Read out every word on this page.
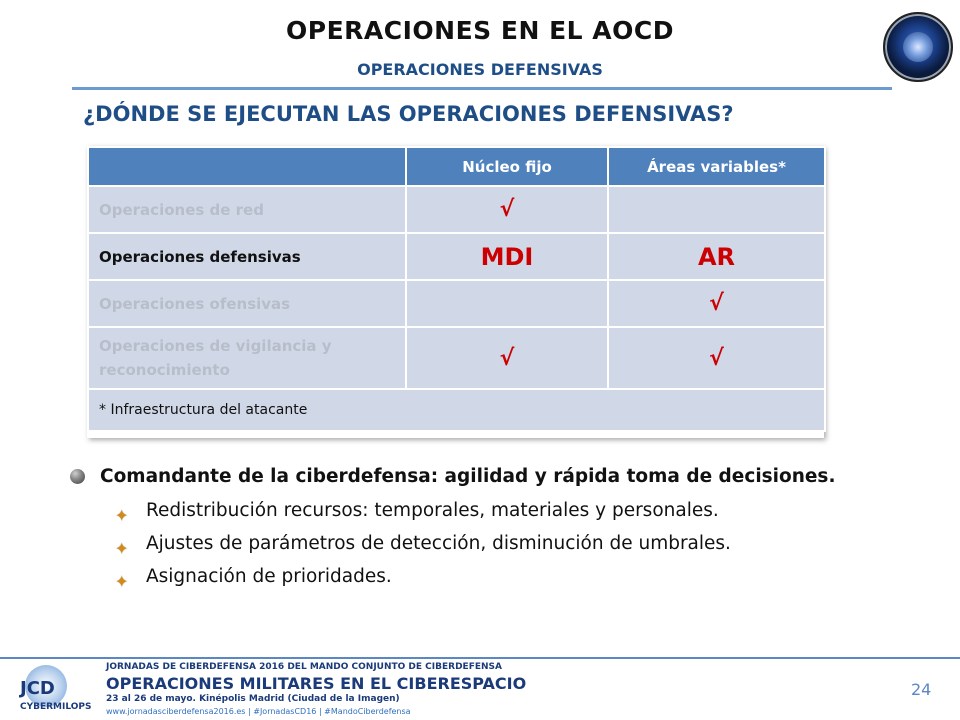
OPERACIONES EN EL AOCD
OPERACIONES DEFENSIVAS
¿DÓNDE SE EJECUTAN LAS OPERACIONES DEFENSIVAS?
	Núcleo fijo	Áreas variables*
Operaciones de red	√	
Operaciones defensivas	MDI	AR
Operaciones ofensivas		√
Operaciones de vigilancia y reconocimiento	√	√
* Infraestructura del atacante		
Comandante de la ciberdefensa: agilidad y rápida toma de decisiones.
✦ Redistribución recursos: temporales, materiales y personales.
✦ Ajustes de parámetros de detección, disminución de umbrales.
✦ Asignación de prioridades.
JCD
CYBERMILOPS
JORNADAS DE CIBERDEFENSA 2016 DEL MANDO CONJUNTO DE CIBERDEFENSA
OPERACIONES MILITARES EN EL CIBERESPACIO
23 al 26 de mayo. Kinépolis Madrid (Ciudad de la Imagen)
www.jornadasciberdefensa2016.es | #JornadasCD16 | #MandoCiberdefensa
24
